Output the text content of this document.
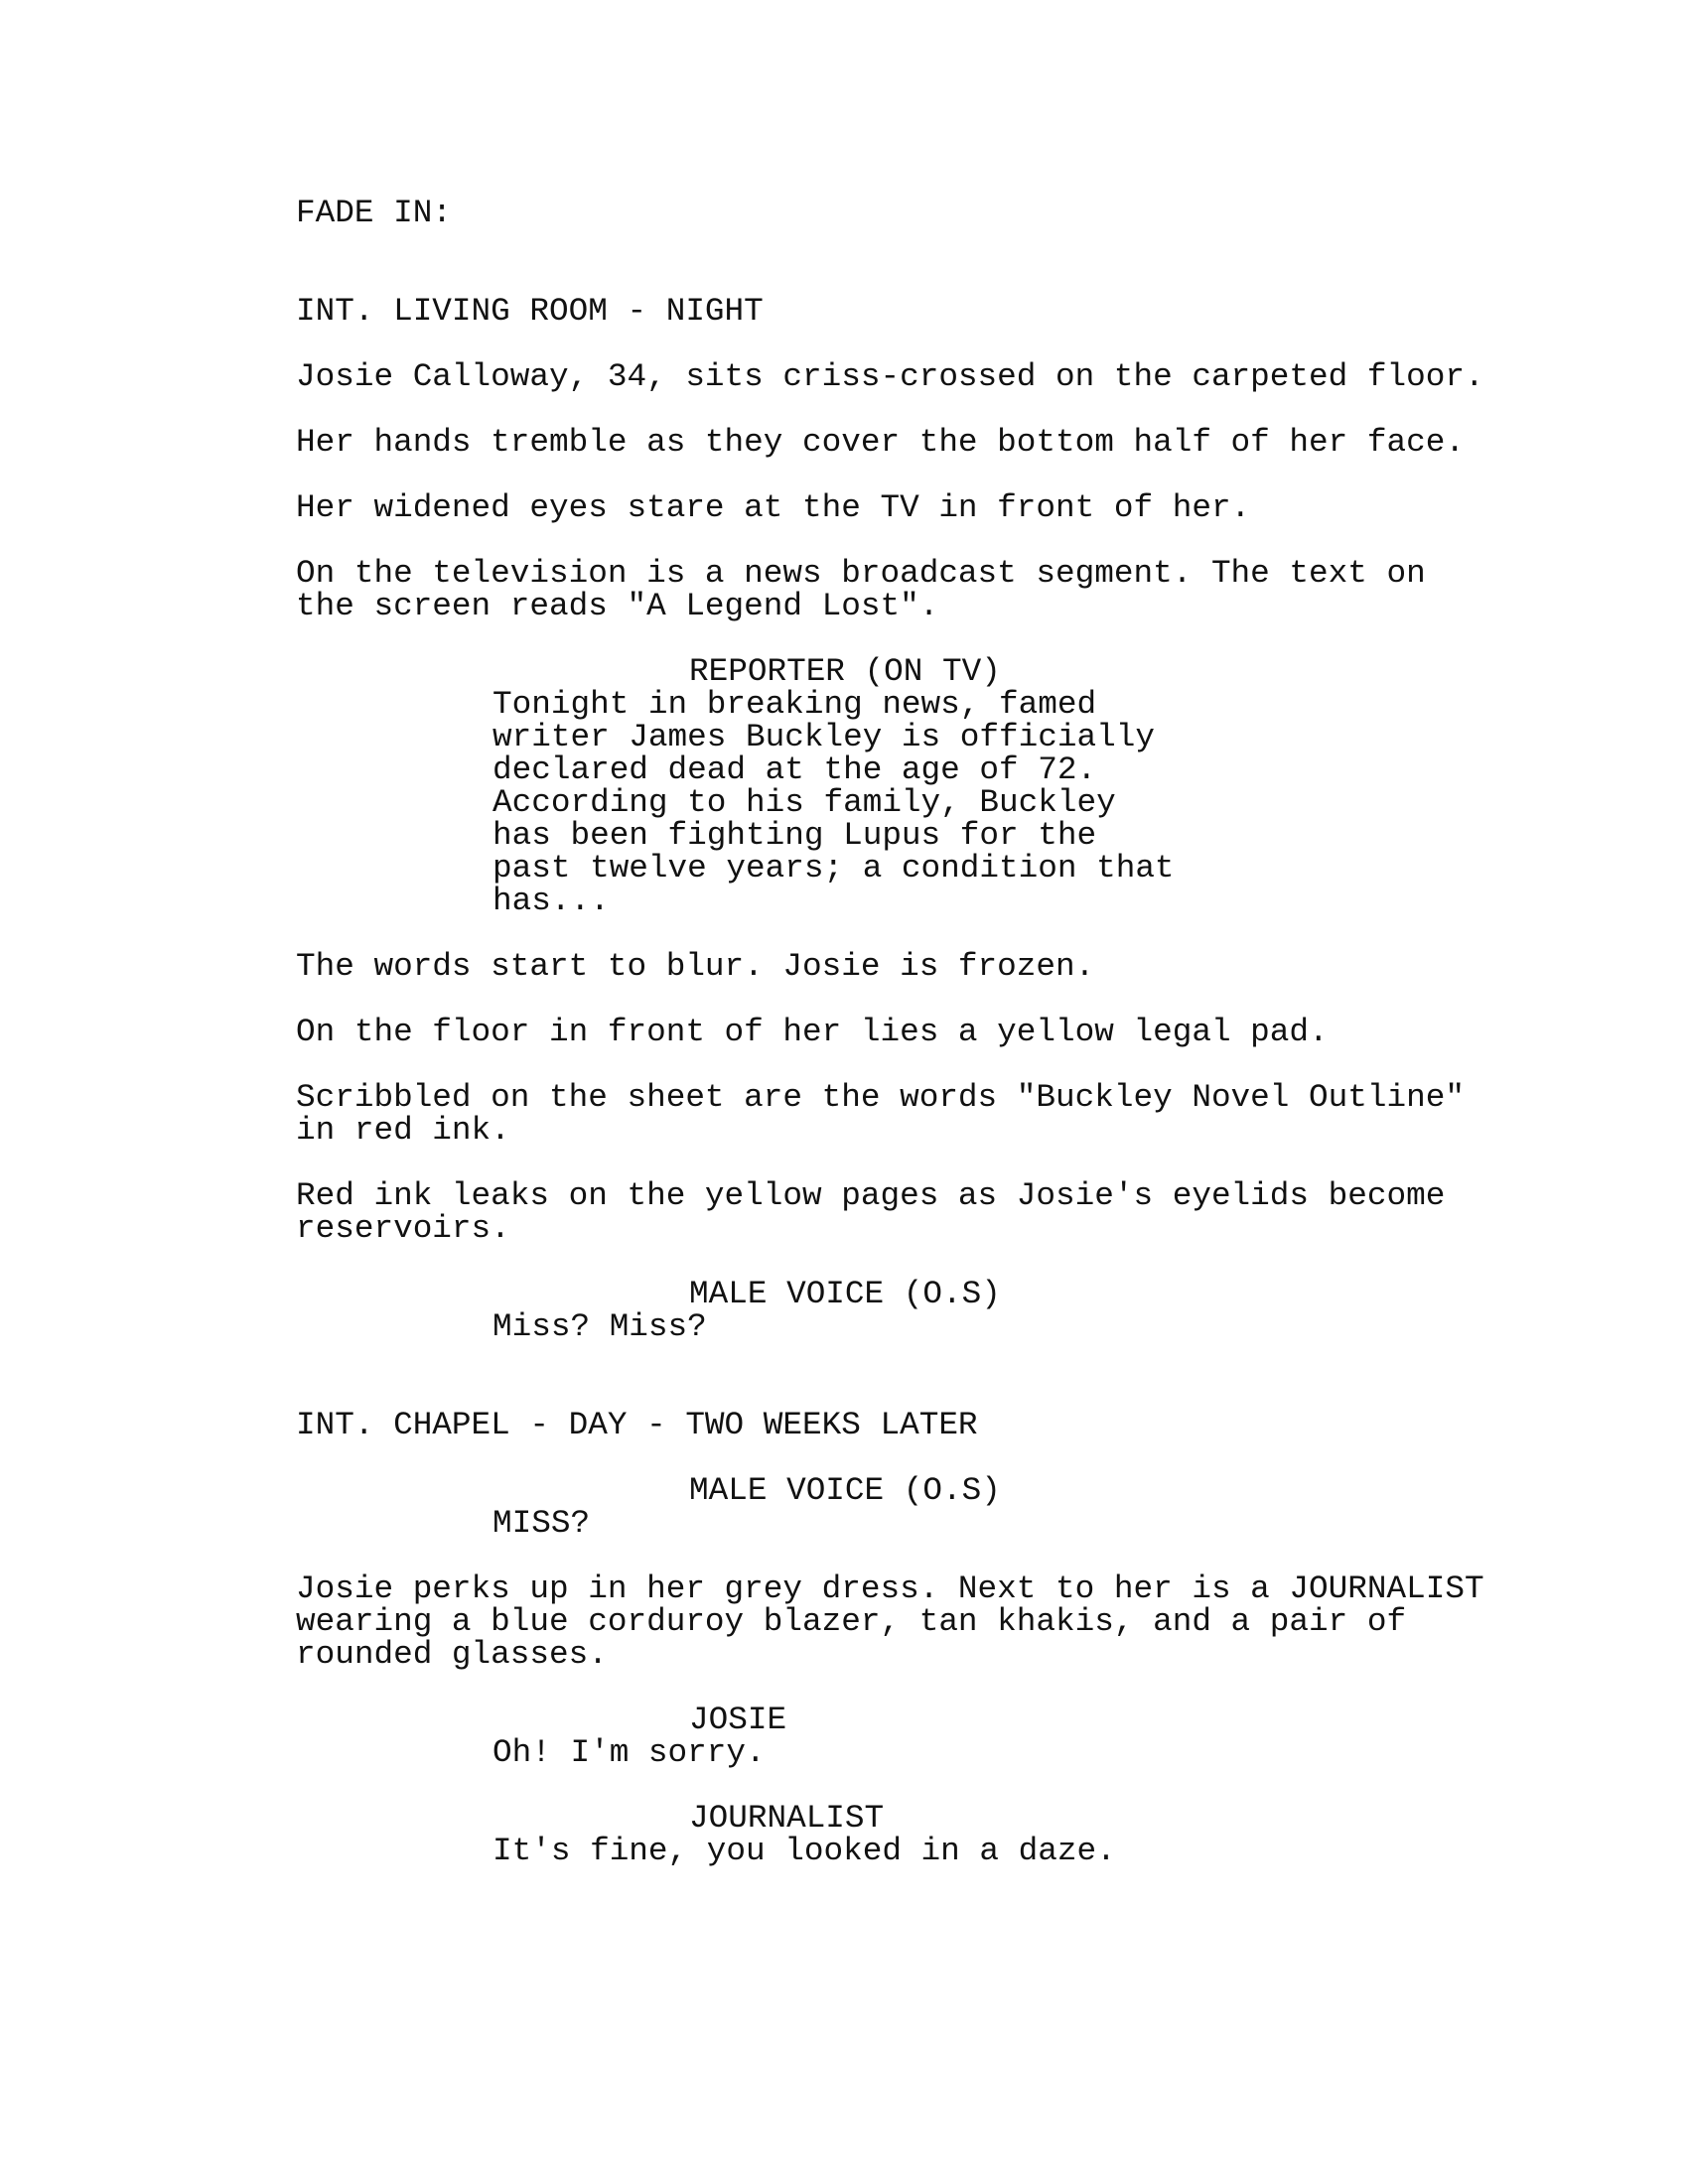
FADE IN:

INT. LIVING ROOM - NIGHT

Josie Calloway, 34, sits criss-crossed on the carpeted floor.

Her hands tremble as they cover the bottom half of her face.

Her widened eyes stare at the TV in front of her.

On the television is a news broadcast segment. The text on

the screen reads "A Legend Lost".

REPORTER (ON TV)

Tonight in breaking news, famed

writer James Buckley is officially

declared dead at the age of 72.

According to his family, Buckley

has been fighting Lupus for the

past twelve years; a condition that

has...

The words start to blur. Josie is frozen.

On the floor in front of her lies a yellow legal pad.

Scribbled on the sheet are the words "Buckley Novel Outline"

in red ink.

Red ink leaks on the yellow pages as Josie's eyelids become

reservoirs.

MALE VOICE (O.S)

Miss? Miss?

INT. CHAPEL - DAY - TWO WEEKS LATER

MALE VOICE (O.S)

MISS?

Josie perks up in her grey dress. Next to her is a JOURNALIST

wearing a blue corduroy blazer, tan khakis, and a pair of

rounded glasses.

JOSIE

Oh! I'm sorry.

JOURNALIST

It's fine, you looked in a daze.
